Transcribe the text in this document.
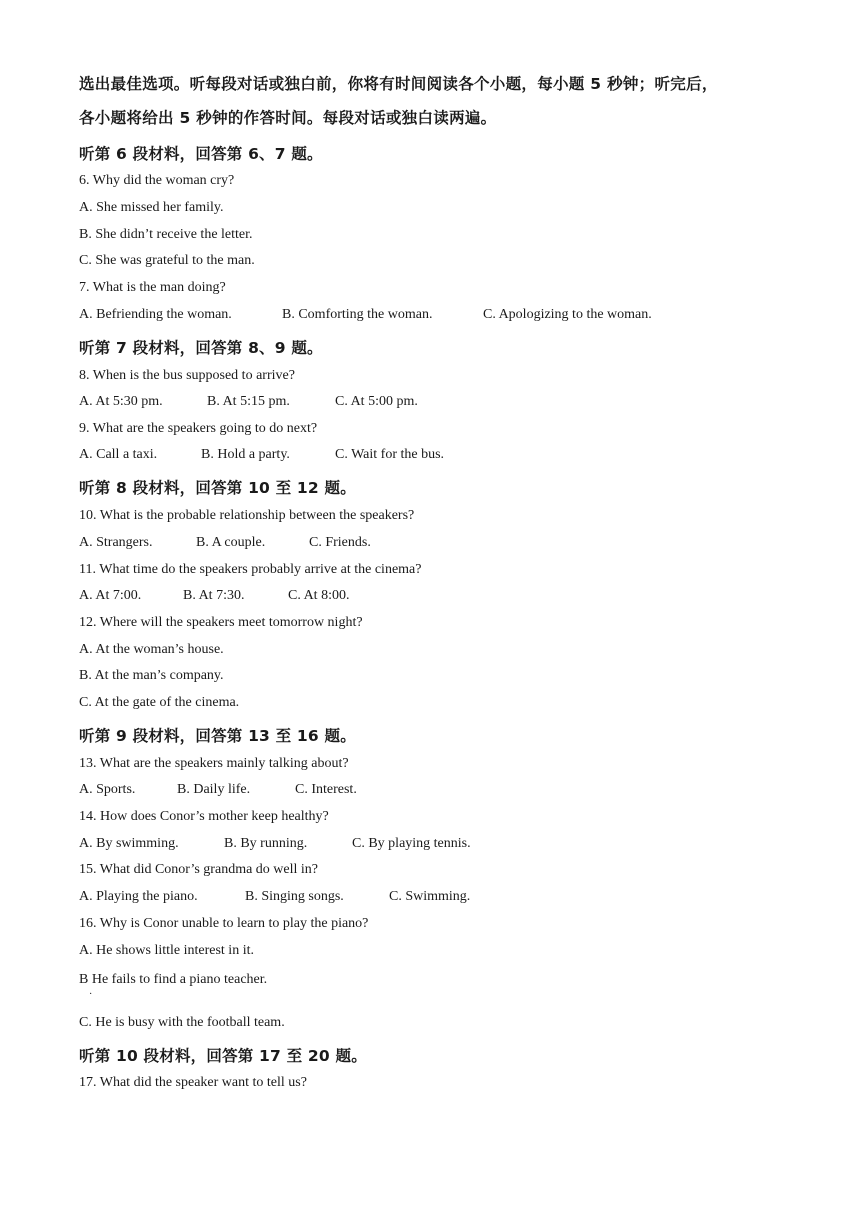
选出最佳选项。听每段对话或独白前，你将有时间阅读各个小题，每小题 5 秒钟；听完后，
各小题将给出 5 秒钟的作答时间。每段对话或独白读两遍。
听第 6 段材料，回答第 6、7 题。
6. Why did the woman cry?
A. She missed her family.
B. She didn’t receive the letter.
C. She was grateful to the man.
7. What is the man doing?
A. Befriending the woman.	B. Comforting the woman.	C. Apologizing to the woman.
听第 7 段材料，回答第 8、9 题。
8. When is the bus supposed to arrive?
A. At 5:30 pm.	B. At 5:15 pm.	C. At 5:00 pm.
9. What are the speakers going to do next?
A. Call a taxi.	B. Hold a party.	C. Wait for the bus.
听第 8 段材料，回答第 10 至 12 题。
10. What is the probable relationship between the speakers?
A. Strangers.	B. A couple.	C. Friends.
11. What time do the speakers probably arrive at the cinema?
A. At 7:00.	B. At 7:30.	C. At 8:00.
12. Where will the speakers meet tomorrow night?
A. At the woman’s house.
B. At the man’s company.
C. At the gate of the cinema.
听第 9 段材料，回答第 13 至 16 题。
13. What are the speakers mainly talking about?
A. Sports.	B. Daily life.	C. Interest.
14. How does Conor’s mother keep healthy?
A. By swimming.	B. By running.	C. By playing tennis.
15. What did Conor’s grandma do well in?
A. Playing the piano.	B. Singing songs.	C. Swimming.
16. Why is Conor unable to learn to play the piano?
A. He shows little interest in it.
B He fails to find a piano teacher.
·
C. He is busy with the football team.
听第 10 段材料，回答第 17 至 20 题。
17. What did the speaker want to tell us?
